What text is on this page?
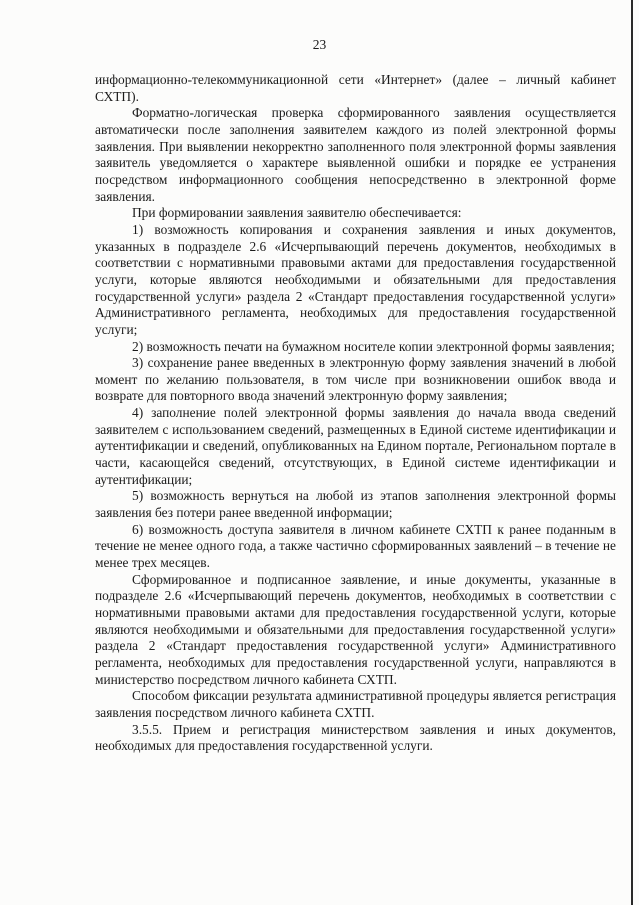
23

информационно-телекоммуникационной сети «Интернет» (далее – личный кабинет СХТП).

Форматно-логическая проверка сформированного заявления осуществляется автоматически после заполнения заявителем каждого из полей электронной формы заявления. При выявлении некорректно заполненного поля электронной формы заявления заявитель уведомляется о характере выявленной ошибки и порядке ее устранения посредством информационного сообщения непосредственно в электронной форме заявления.

При формировании заявления заявителю обеспечивается:

1) возможность копирования и сохранения заявления и иных документов, указанных в подразделе 2.6 «Исчерпывающий перечень документов, необходимых в соответствии с нормативными правовыми актами для предоставления государственной услуги, которые являются необходимыми и обязательными для предоставления государственной услуги» раздела 2 «Стандарт предоставления государственной услуги» Административного регламента, необходимых для предоставления государственной услуги;

2) возможность печати на бумажном носителе копии электронной формы заявления;

3) сохранение ранее введенных в электронную форму заявления значений в любой момент по желанию пользователя, в том числе при возникновении ошибок ввода и возврате для повторного ввода значений электронную форму заявления;

4) заполнение полей электронной формы заявления до начала ввода сведений заявителем с использованием сведений, размещенных в Единой системе идентификации и аутентификации и сведений, опубликованных на Едином портале, Региональном портале в части, касающейся сведений, отсутствующих, в Единой системе идентификации и аутентификации;

5) возможность вернуться на любой из этапов заполнения электронной формы заявления без потери ранее введенной информации;

6) возможность доступа заявителя в личном кабинете СХТП к ранее поданным в течение не менее одного года, а также частично сформированных заявлений – в течение не менее трех месяцев.

Сформированное и подписанное заявление, и иные документы, указанные в подразделе 2.6 «Исчерпывающий перечень документов, необходимых в соответствии с нормативными правовыми актами для предоставления государственной услуги, которые являются необходимыми и обязательными для предоставления государственной услуги» раздела 2 «Стандарт предоставления государственной услуги» Административного регламента, необходимых для предоставления государственной услуги, направляются в министерство посредством личного кабинета СХТП.

Способом фиксации результата административной процедуры является регистрация заявления посредством личного кабинета СХТП.

3.5.5. Прием и регистрация министерством заявления и иных документов, необходимых для предоставления государственной услуги.
